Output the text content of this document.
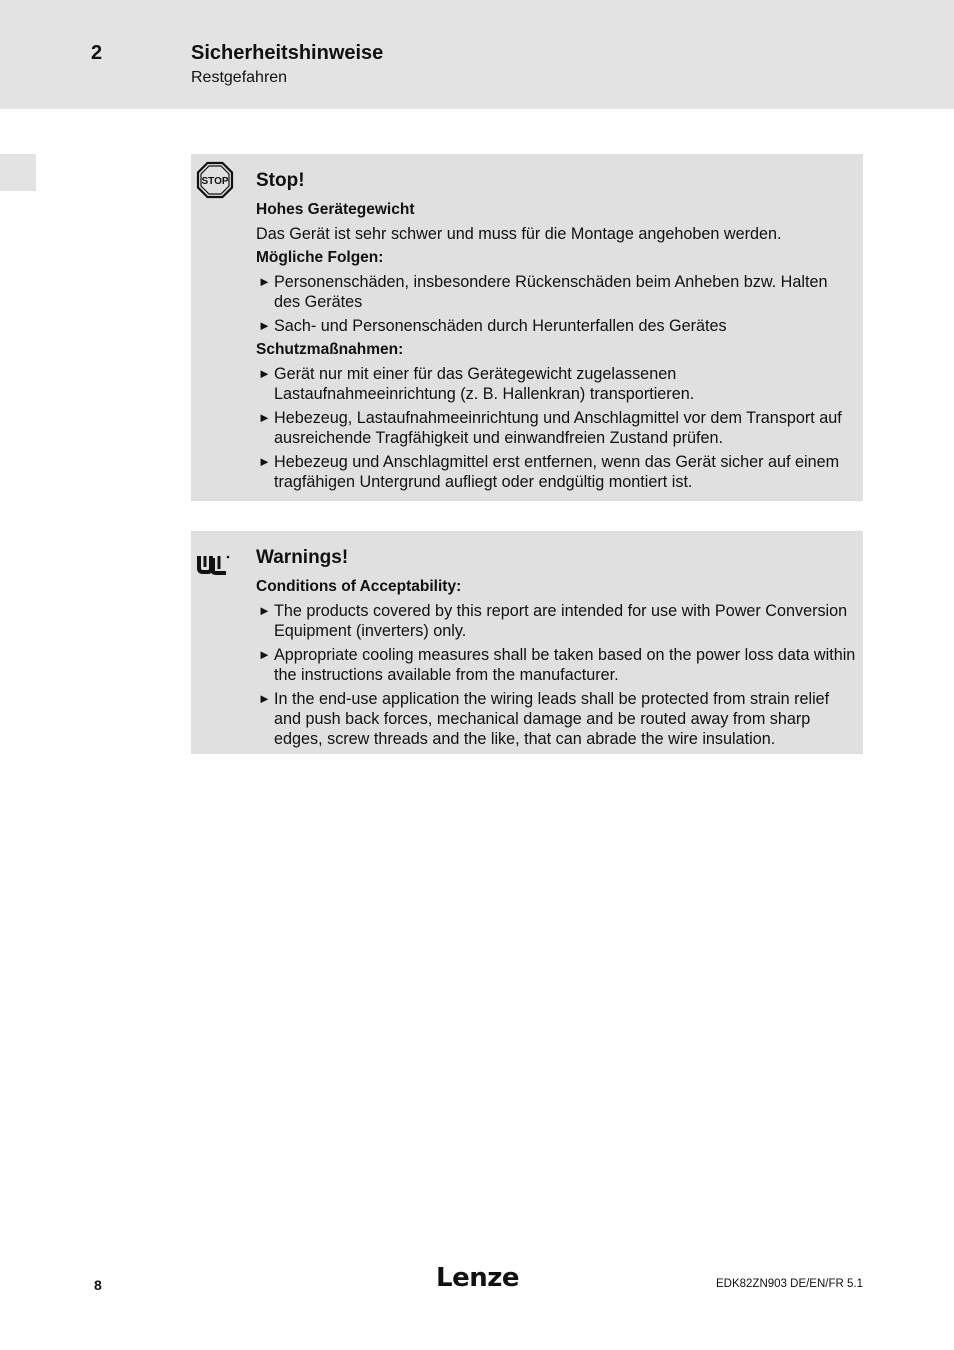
2	Sicherheitshinweise
Restgefahren
STOP Stop!
Hohes Gerätegewicht
Das Gerät ist sehr schwer und muss für die Montage angehoben werden.
Mögliche Folgen:
► Personenschäden, insbesondere Rückenschäden beim Anheben bzw. Halten des Gerätes
► Sach- und Personenschäden durch Herunterfallen des Gerätes
Schutzmaßnahmen:
► Gerät nur mit einer für das Gerätegewicht zugelassenen Lastaufnahmeeinrichtung (z. B. Hallenkran) transportieren.
► Hebezeug, Lastaufnahmeeinrichtung und Anschlagmittel vor dem Transport auf ausreichende Tragfähigkeit und einwandfreien Zustand prüfen.
► Hebezeug und Anschlagmittel erst entfernen, wenn das Gerät sicher auf einem tragfähigen Untergrund aufliegt oder endgültig montiert ist.
Warnings!
Conditions of Acceptability:
► The products covered by this report are intended for use with Power Conversion Equipment (inverters) only.
► Appropriate cooling measures shall be taken based on the power loss data within the instructions available from the manufacturer.
► In the end-use application the wiring leads shall be protected from strain relief and push back forces, mechanical damage and be routed away from sharp edges, screw threads and the like, that can abrade the wire insulation.
8	Lenze	EDK82ZN903 DE/EN/FR 5.1
